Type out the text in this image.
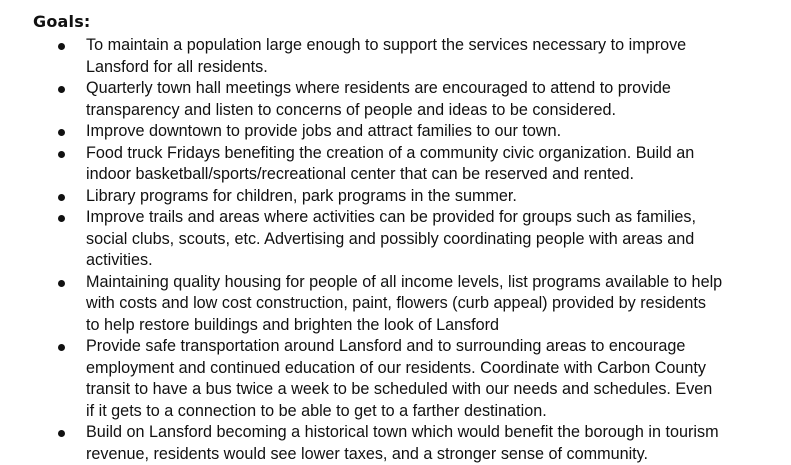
Goals:
To maintain a population large enough to support the services necessary to improve
Lansford for all residents.
Quarterly town hall meetings where residents are encouraged to attend to provide
transparency and listen to concerns of people and ideas to be considered.
Improve downtown to provide jobs and attract families to our town.
Food truck Fridays benefiting the creation of a community civic organization. Build an
indoor basketball/sports/recreational center that can be reserved and rented.
Library programs for children, park programs in the summer.
Improve trails and areas where activities can be provided for groups such as families,
social clubs, scouts, etc. Advertising and possibly coordinating people with areas and
activities.
Maintaining quality housing for people of all income levels, list programs available to help
with costs and low cost construction, paint, flowers (curb appeal) provided by residents
to help restore buildings and brighten the look of Lansford
Provide safe transportation around Lansford and to surrounding areas to encourage
employment and continued education of our residents. Coordinate with Carbon County
transit to have a bus twice a week to be scheduled with our needs and schedules. Even
if it gets to a connection to be able to get to a farther destination.
Build on Lansford becoming a historical town which would benefit the borough in tourism
revenue, residents would see lower taxes, and a stronger sense of community.
